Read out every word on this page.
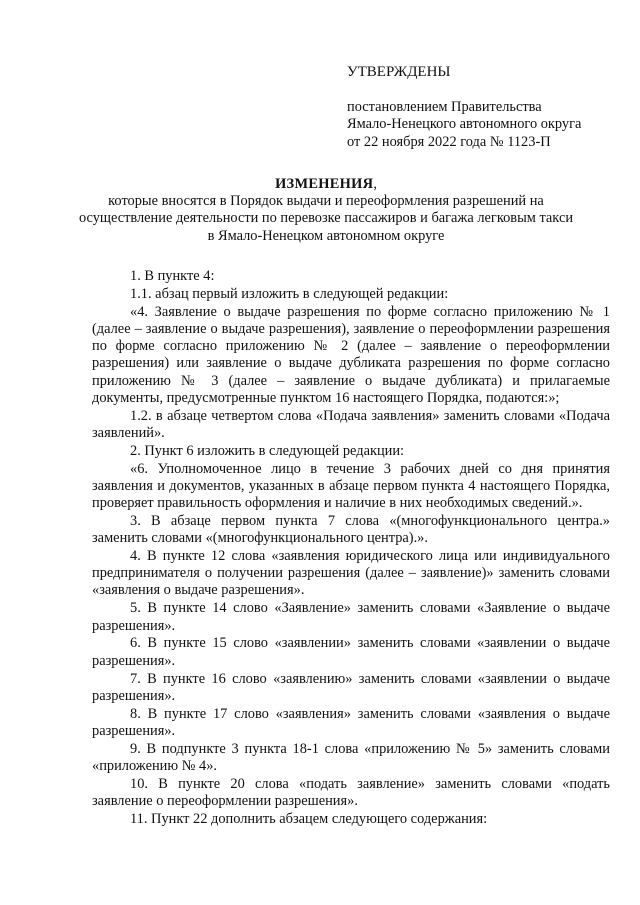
УТВЕРЖДЕНЫ
постановлением Правительства
Ямало-Ненецкого автономного округа
от 22 ноября 2022 года № 1123-П
ИЗМЕНЕНИЯ,
которые вносятся в Порядок выдачи и переоформления разрешений на
осуществление деятельности по перевозке пассажиров и багажа легковым такси
в Ямало-Ненецком автономном округе

1. В пункте 4:

1.1. абзац первый изложить в следующей редакции:

«4. Заявление о выдаче разрешения по форме согласно приложению № 1 (далее – заявление о выдаче разрешения), заявление о переоформлении разрешения по форме согласно приложению № 2 (далее – заявление о переоформлении разрешения) или заявление о выдаче дубликата разрешения по форме согласно приложению № 3 (далее – заявление о выдаче дубликата) и прилагаемые документы, предусмотренные пунктом 16 настоящего Порядка, подаются:»;

1.2. в абзаце четвертом слова «Подача заявления» заменить словами «Подача заявлений».

2. Пункт 6 изложить в следующей редакции:

«6. Уполномоченное лицо в течение 3 рабочих дней со дня принятия заявления и документов, указанных в абзаце первом пункта 4 настоящего Порядка, проверяет правильность оформления и наличие в них необходимых сведений.».

3. В абзаце первом пункта 7 слова «(многофункционального центра.» заменить словами «(многофункционального центра).».

4. В пункте 12 слова «заявления юридического лица или индивидуального предпринимателя о получении разрешения (далее – заявление)» заменить словами «заявления о выдаче разрешения».

5. В пункте 14 слово «Заявление» заменить словами «Заявление о выдаче разрешения».

6. В пункте 15 слово «заявлении» заменить словами «заявлении о выдаче разрешения».

7. В пункте 16 слово «заявлению» заменить словами «заявлении о выдаче разрешения».

8. В пункте 17 слово «заявления» заменить словами «заявления о выдаче разрешения».

9. В подпункте 3 пункта 18-1 слова «приложению № 5» заменить словами «приложению № 4».

10. В пункте 20 слова «подать заявление» заменить словами «подать заявление о переоформлении разрешения».

11. Пункт 22 дополнить абзацем следующего содержания:
